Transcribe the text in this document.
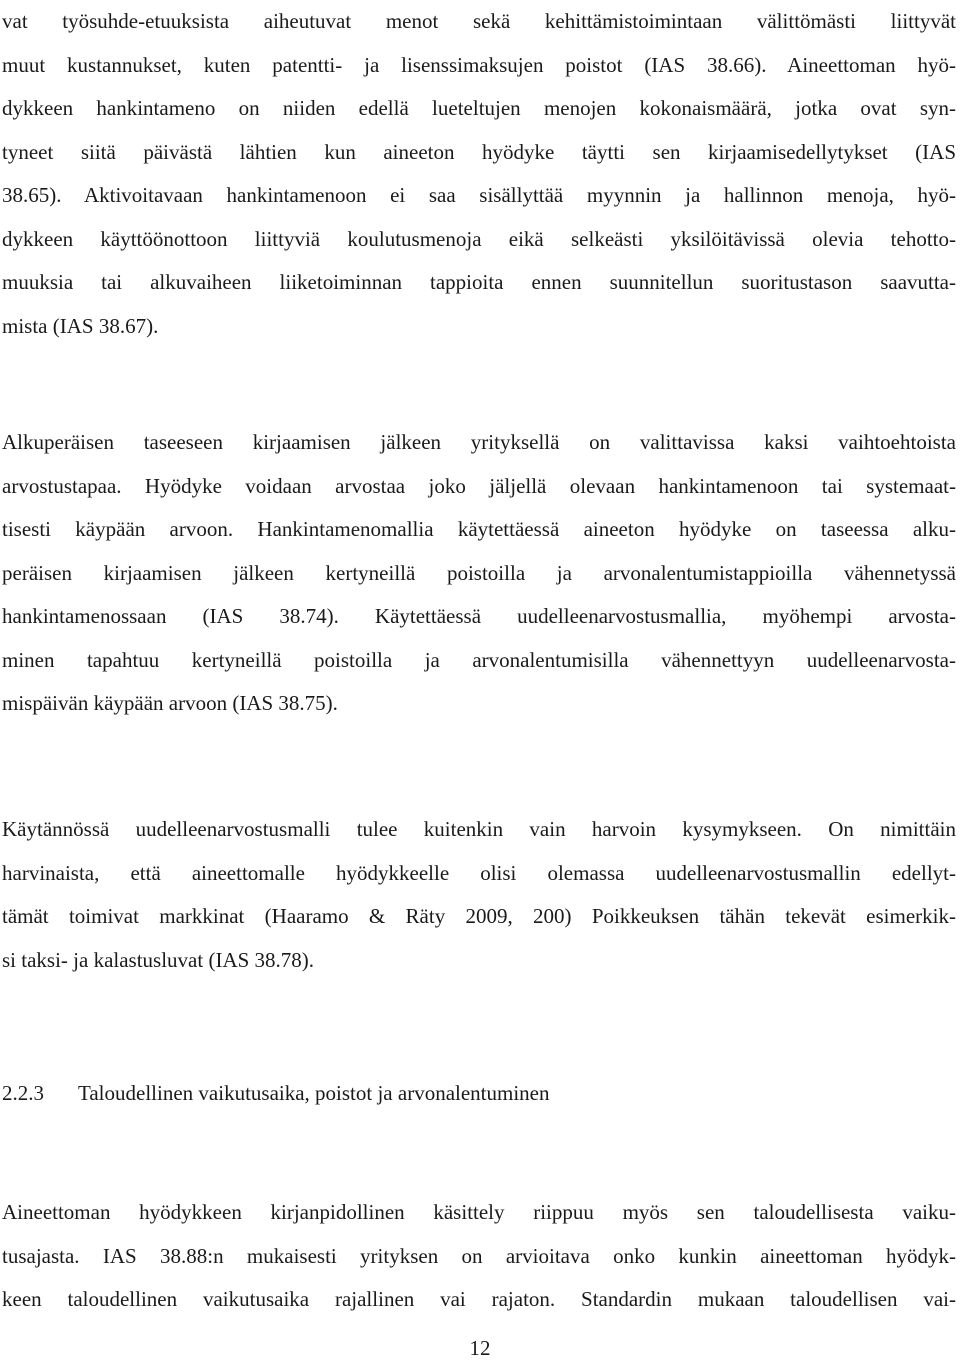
vat työsuhde-etuuksista aiheutuvat menot sekä kehittämistoimintaan välittömästi liittyvät
muut kustannukset, kuten patentti- ja lisenssimaksujen poistot (IAS 38.66). Aineettoman hyö-
dykkeen hankintameno on niiden edellä lueteltujen menojen kokonaismäärä, jotka ovat syn-
tyneet siitä päivästä lähtien kun aineeton hyödyke täytti sen kirjaamisedellytykset (IAS
38.65). Aktivoitavaan hankintamenoon ei saa sisällyttää myynnin ja hallinnon menoja, hyö-
dykkeen käyttöönottoon liittyviä koulutusmenoja eikä selkeästi yksilöitävissä olevia tehotto-
muuksia tai alkuvaiheen liiketoiminnan tappioita ennen suunnitellun suoritustason saavutta-
mista (IAS 38.67).
Alkuperäisen taseeseen kirjaamisen jälkeen yrityksellä on valittavissa kaksi vaihtoehtoista
arvostustapaa. Hyödyke voidaan arvostaa joko jäljellä olevaan hankintamenoon tai systemaat-
tisesti käypään arvoon. Hankintamenomallia käytettäessä aineeton hyödyke on taseessa alku-
peräisen kirjaamisen jälkeen kertyneillä poistoilla ja arvonalentumistappioilla vähennetyssä
hankintamenossaan (IAS 38.74). Käytettäessä uudelleenarvostusmallia, myöhempi arvosta-
minen tapahtuu kertyneillä poistoilla ja arvonalentumisilla vähennettyyn uudelleenarvosta-
mispäivän käypään arvoon (IAS 38.75).
Käytännössä uudelleenarvostusmalli tulee kuitenkin vain harvoin kysymykseen. On nimittäin
harvinaista, että aineettomalle hyödykkeelle olisi olemassa uudelleenarvostusmallin edellyt-
tämät toimivat markkinat (Haaramo & Räty 2009, 200) Poikkeuksen tähän tekevät esimerkik-
si taksi- ja kalastusluvat (IAS 38.78).
2.2.3 Taloudellinen vaikutusaika, poistot ja arvonalentuminen
Aineettoman hyödykkeen kirjanpidollinen käsittely riippuu myös sen taloudellisesta vaiku-
tusajasta. IAS 38.88:n mukaisesti yrityksen on arvioitava onko kunkin aineettoman hyödyk-
keen taloudellinen vaikutusaika rajallinen vai rajaton. Standardin mukaan taloudellisen vai-
12
